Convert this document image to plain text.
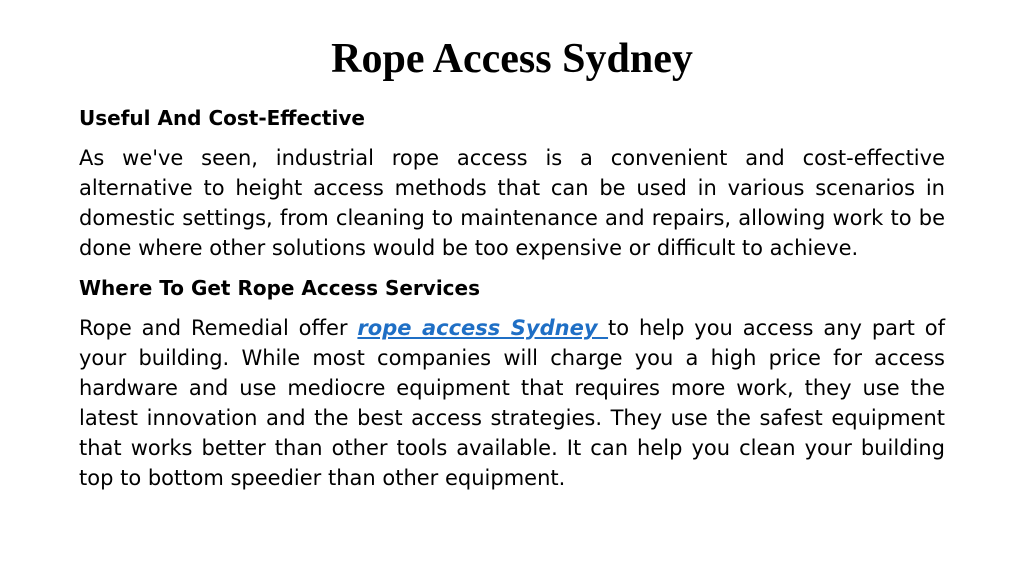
Rope Access Sydney
Useful And Cost-Effective

As we've seen, industrial rope access is a convenient and cost-effective alternative to height access methods that can be used in various scenarios in domestic settings, from cleaning to maintenance and repairs, allowing work to be done where other solutions would be too expensive or difficult to achieve.

Where To Get Rope Access Services

Rope and Remedial offer rope access Sydney to help you access any part of your building. While most companies will charge you a high price for access hardware and use mediocre equipment that requires more work, they use the latest innovation and the best access strategies. They use the safest equipment that works better than other tools available. It can help you clean your building top to bottom speedier than other equipment.
